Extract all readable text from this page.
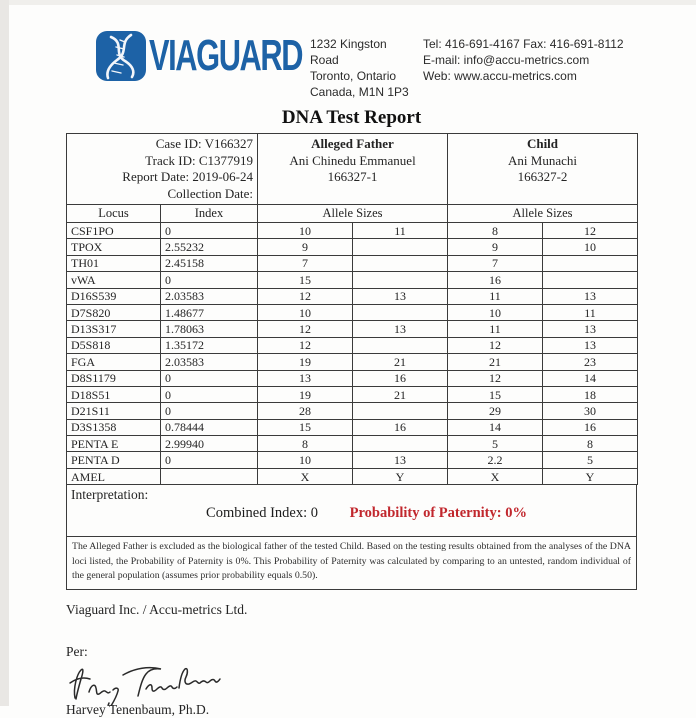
VIAGUARD 1232 Kingston Road
Toronto, Ontario
Canada, M1N 1P3
Tel: 416-691-4167 Fax: 416-691-8112
E-mail: info@accu-metrics.com
Web: www.accu-metrics.com
DNA Test Report
Case ID: V166327
Track ID: C1377919
Report Date: 2019-06-24
Collection Date:

Alleged Father
Ani Chinedu Emmanuel
166327-1

Child
Ani Munachi
166327-2
Locus	Index	Allele Sizes		Allele Sizes	
CSF1PO	0	10	11	8	12
TPOX	2.55232	9		9	10
TH01	2.45158	7		7	
vWA	0	15		16	
D16S539	2.03583	12	13	11	13
D7S820	1.48677	10		10	11
D13S317	1.78063	12	13	11	13
D5S818	1.35172	12		12	13
FGA	2.03583	19	21	21	23
D8S1179	0	13	16	12	14
D18S51	0	19	21	15	18
D21S11	0	28		29	30
D3S1358	0.78444	15	16	14	16
PENTA E	2.99940	8		5	8
PENTA D	0	10	13	2.2	5
AMEL		X	Y	X	Y
Interpretation:
Combined Index: 0 Probability of Paternity: 0%
The Alleged Father is excluded as the biological father of the tested Child. Based on the testing results obtained from the analyses of the DNA loci listed, the Probability of Paternity is 0%. This Probability of Paternity was calculated by comparing to an untested, random individual of the general population (assumes prior probability equals 0.50).
Viaguard Inc. / Accu-metrics Ltd.
Per:
Harvey Tenenbaum, Ph.D.
